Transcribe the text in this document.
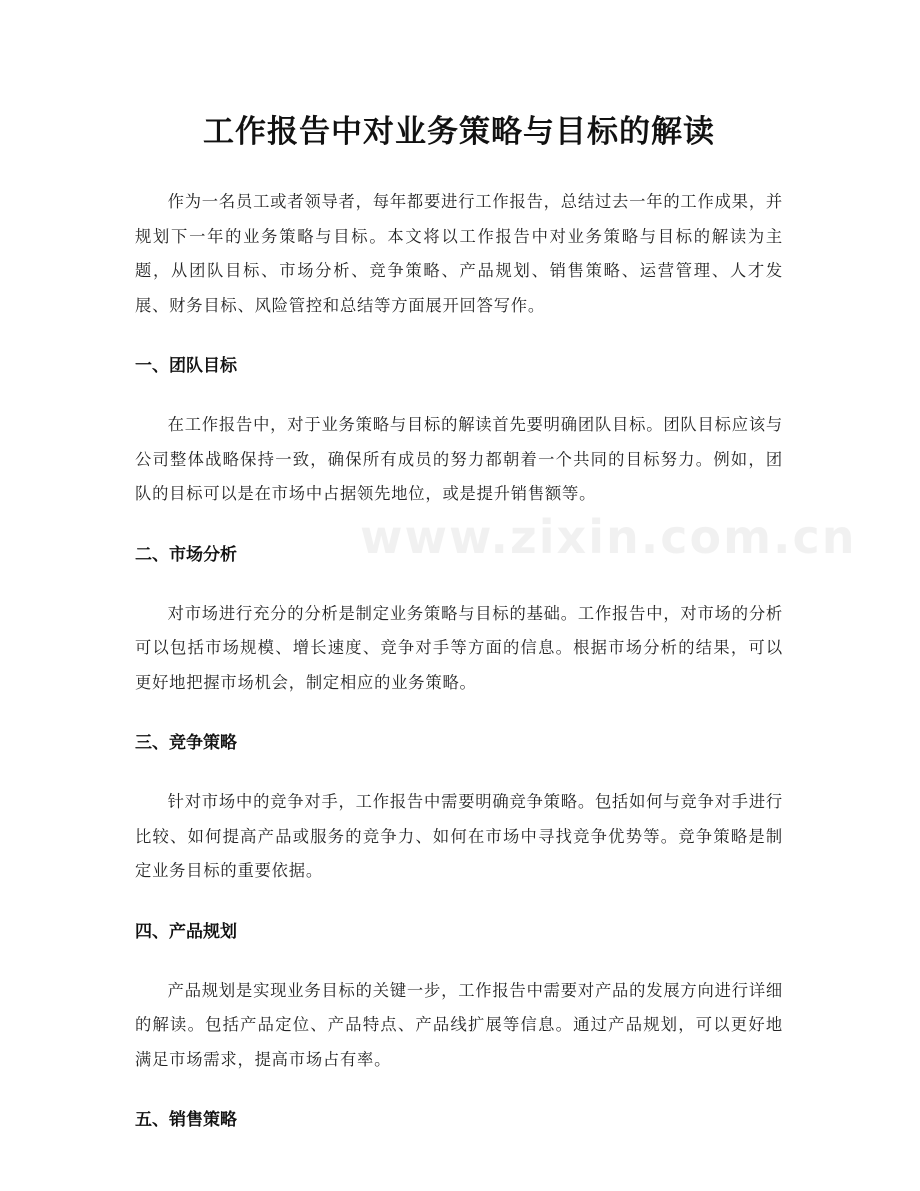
工作报告中对业务策略与目标的解读

作为一名员工或者领导者，每年都要进行工作报告，总结过去一年的工作成果，并规划下一年的业务策略与目标。本文将以工作报告中对业务策略与目标的解读为主题，从团队目标、市场分析、竞争策略、产品规划、销售策略、运营管理、人才发展、财务目标、风险管控和总结等方面展开回答写作。

一、团队目标

在工作报告中，对于业务策略与目标的解读首先要明确团队目标。团队目标应该与公司整体战略保持一致，确保所有成员的努力都朝着一个共同的目标努力。例如，团队的目标可以是在市场中占据领先地位，或是提升销售额等。

二、市场分析

对市场进行充分的分析是制定业务策略与目标的基础。工作报告中，对市场的分析可以包括市场规模、增长速度、竞争对手等方面的信息。根据市场分析的结果，可以更好地把握市场机会，制定相应的业务策略。

三、竞争策略

针对市场中的竞争对手，工作报告中需要明确竞争策略。包括如何与竞争对手进行比较、如何提高产品或服务的竞争力、如何在市场中寻找竞争优势等。竞争策略是制定业务目标的重要依据。

四、产品规划

产品规划是实现业务目标的关键一步，工作报告中需要对产品的发展方向进行详细的解读。包括产品定位、产品特点、产品线扩展等信息。通过产品规划，可以更好地满足市场需求，提高市场占有率。

五、销售策略
www.zixin.com.cn
